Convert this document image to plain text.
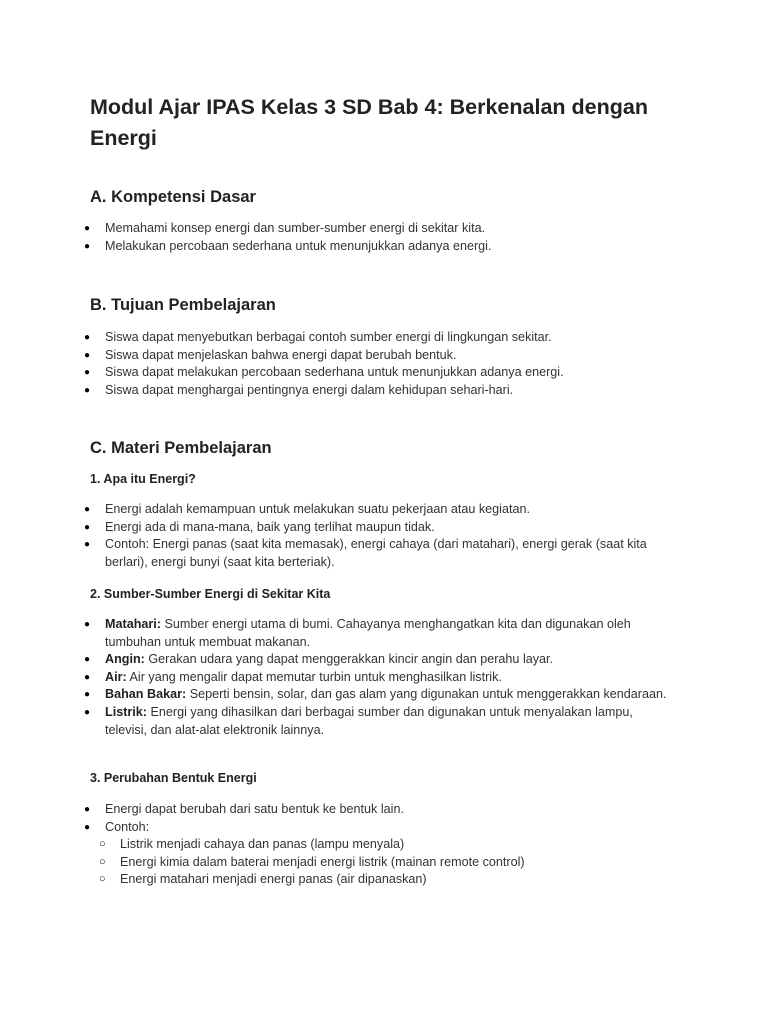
Modul Ajar IPAS Kelas 3 SD Bab 4: Berkenalan dengan Energi
A. Kompetensi Dasar
● Memahami konsep energi dan sumber-sumber energi di sekitar kita.
● Melakukan percobaan sederhana untuk menunjukkan adanya energi.
B. Tujuan Pembelajaran
● Siswa dapat menyebutkan berbagai contoh sumber energi di lingkungan sekitar.
● Siswa dapat menjelaskan bahwa energi dapat berubah bentuk.
● Siswa dapat melakukan percobaan sederhana untuk menunjukkan adanya energi.
● Siswa dapat menghargai pentingnya energi dalam kehidupan sehari-hari.
C. Materi Pembelajaran
1. Apa itu Energi?
● Energi adalah kemampuan untuk melakukan suatu pekerjaan atau kegiatan.
● Energi ada di mana-mana, baik yang terlihat maupun tidak.
● Contoh: Energi panas (saat kita memasak), energi cahaya (dari matahari), energi gerak (saat kita berlari), energi bunyi (saat kita berteriak).
2. Sumber-Sumber Energi di Sekitar Kita
● Matahari: Sumber energi utama di bumi. Cahayanya menghangatkan kita dan digunakan oleh tumbuhan untuk membuat makanan.
● Angin: Gerakan udara yang dapat menggerakkan kincir angin dan perahu layar.
● Air: Air yang mengalir dapat memutar turbin untuk menghasilkan listrik.
● Bahan Bakar: Seperti bensin, solar, dan gas alam yang digunakan untuk menggerakkan kendaraan.
● Listrik: Energi yang dihasilkan dari berbagai sumber dan digunakan untuk menyalakan lampu, televisi, dan alat-alat elektronik lainnya.
3. Perubahan Bentuk Energi
● Energi dapat berubah dari satu bentuk ke bentuk lain.
● Contoh:
○ Listrik menjadi cahaya dan panas (lampu menyala)
○ Energi kimia dalam baterai menjadi energi listrik (mainan remote control)
○ Energi matahari menjadi energi panas (air dipanaskan)
